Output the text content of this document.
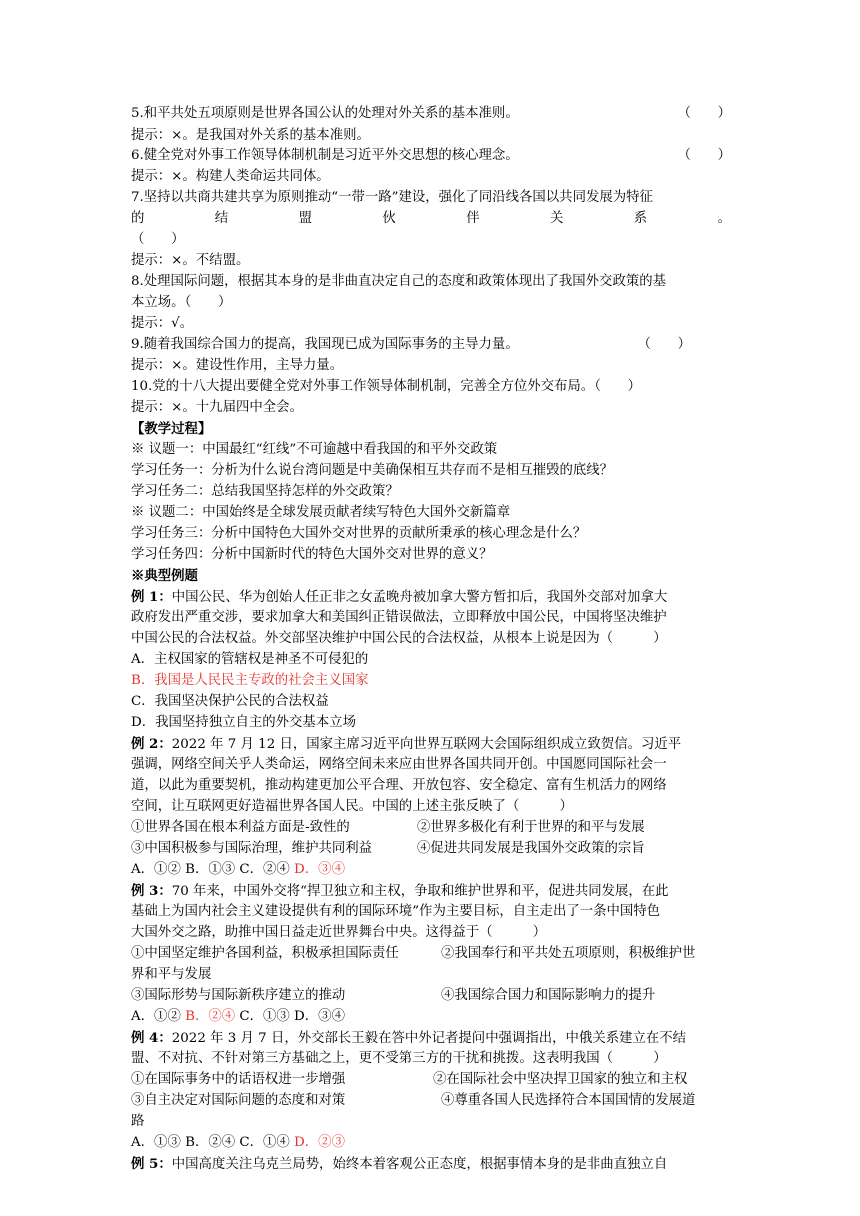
5.和平共处五项原则是世界各国公认的处理对外关系的基本准则。	（　　）
提示：×。是我国对外关系的基本准则。
6.健全党对外事工作领导体制机制是习近平外交思想的核心理念。	（　　）
提示：×。构建人类命运共同体。
7.坚持以共商共建共享为原则推动“一带一路”建设，强化了同沿线各国以共同发展为特征
的	结	盟	伙	伴	关	系	。
（　　）
提示：×。不结盟。
8.处理国际问题，根据其本身的是非曲直决定自己的态度和政策体现出了我国外交政策的基
本立场。（　　）
提示：√。
9.随着我国综合国力的提高，我国现已成为国际事务的主导力量。	（　　）
提示：×。建设性作用，主导力量。
10.党的十八大提出要健全党对外事工作领导体制机制，完善全方位外交布局。（　　）
提示：×。十九届四中全会。
【教学过程】
※ 议题一：中国最红“红线”不可逾越中看我国的和平外交政策
学习任务一：分析为什么说台湾问题是中美确保相互共存而不是相互摧毁的底线？
学习任务二：总结我国坚持怎样的外交政策？
※ 议题二：中国始终是全球发展贡献者续写特色大国外交新篇章
学习任务三：分析中国特色大国外交对世界的贡献所秉承的核心理念是什么？
学习任务四：分析中国新时代的特色大国外交对世界的意义？
※典型例题
例 1：中国公民、华为创始人任正非之女孟晚舟被加拿大警方暂扣后，我国外交部对加拿大
政府发出严重交涉，要求加拿大和美国纠正错误做法，立即释放中国公民，中国将坚决维护
中国公民的合法权益。外交部坚决维护中国公民的合法权益，从根本上说是因为（　　　）
A．主权国家的管辖权是神圣不可侵犯的
B．我国是人民民主专政的社会主义国家
C．我国坚决保护公民的合法权益
D．我国坚持独立自主的外交基本立场
例 2：2022 年 7 月 12 日，国家主席习近平向世界互联网大会国际组织成立致贺信。习近平
强调，网络空间关乎人类命运，网络空间未来应由世界各国共同开创。中国愿同国际社会一
道，以此为重要契机，推动构建更加公平合理、开放包容、安全稳定、富有生机活力的网络
空间，让互联网更好造福世界各国人民。中国的上述主张反映了（　　　）
①世界各国在根本利益方面是-致性的	②世界多极化有利于世界的和平与发展
③中国积极参与国际治理，维护共同利益	④促进共同发展是我国外交政策的宗旨
A．①② B．①③ C．②④ D．③④
例 3：70 年来，中国外交将“捍卫独立和主权，争取和维护世界和平，促进共同发展，在此
基础上为国内社会主义建设提供有利的国际环境”作为主要目标，自主走出了一条中国特色
大国外交之路，助推中国日益走近世界舞台中央。这得益于（　　　）
①中国坚定维护各国利益，积极承担国际责任	②我国奉行和平共处五项原则，积极维护世
界和平与发展
③国际形势与国际新秩序建立的推动	④我国综合国力和国际影响力的提升
A．①② B．②④ C．①③ D．③④
例 4：2022 年 3 月 7 日，外交部长王毅在答中外记者提问中强调指出，中俄关系建立在不结
盟、不对抗、不针对第三方基础之上，更不受第三方的干扰和挑拨。这表明我国（　　　）
①在国际事务中的话语权进一步增强	②在国际社会中坚决捍卫国家的独立和主权
③自主决定对国际问题的态度和对策	④尊重各国人民选择符合本国国情的发展道
路
A．①③ B．②④ C．①④ D．②③
例 5：中国高度关注乌克兰局势，始终本着客观公正态度，根据事情本身的是非曲直独立自
